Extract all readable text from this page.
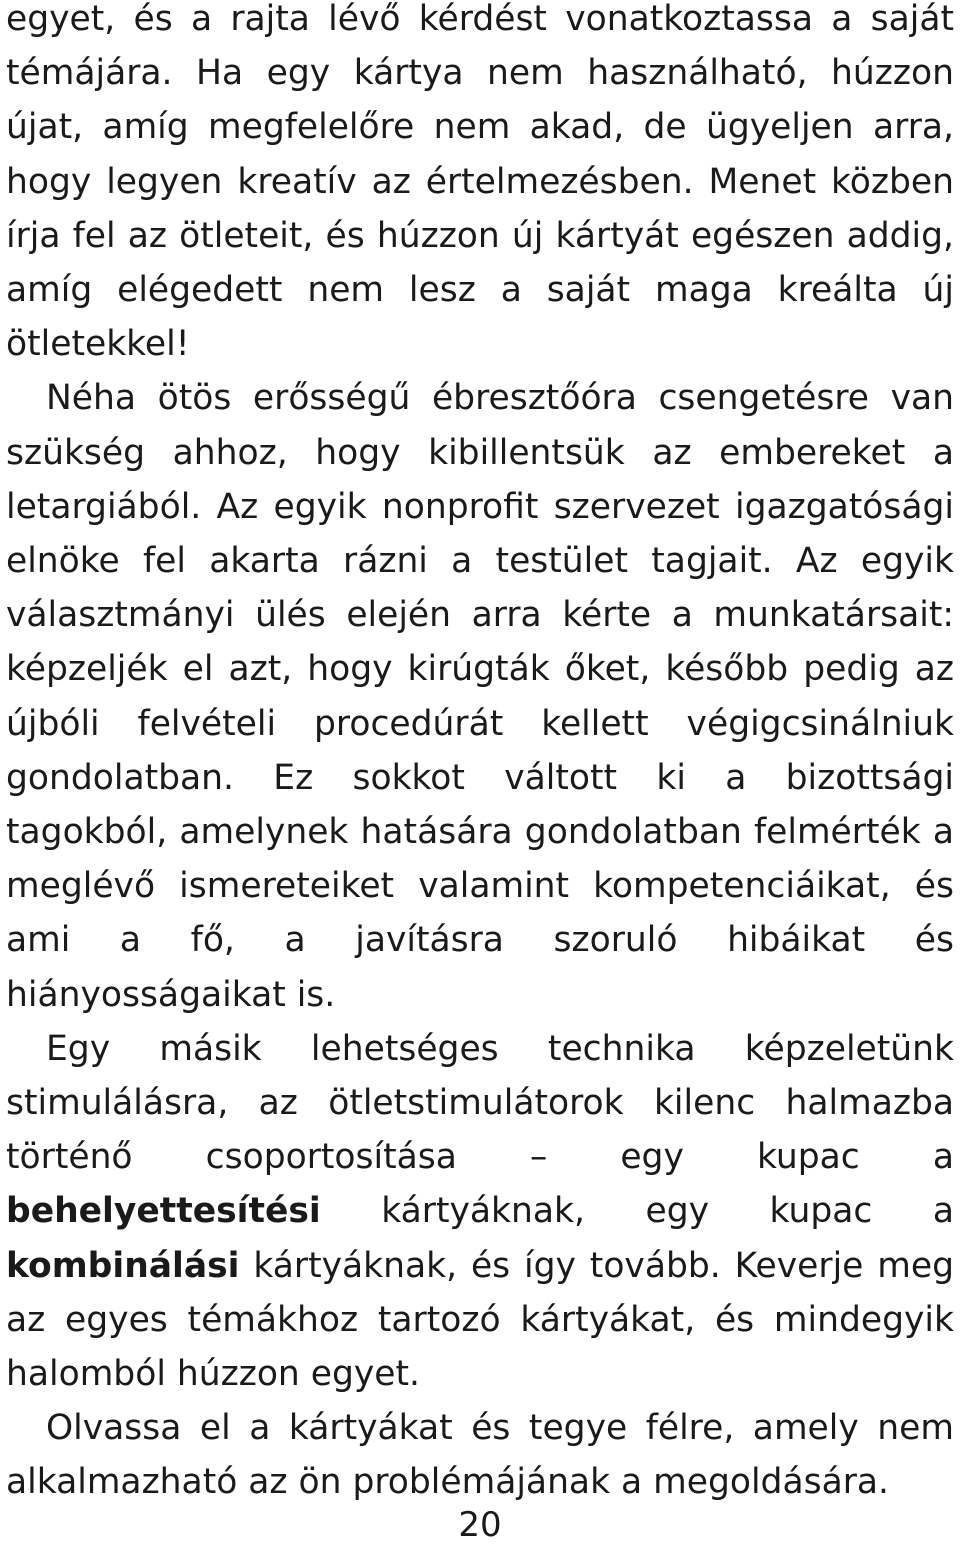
egyet, és a rajta lévő kérdést vonatkoztassa a saját témájára. Ha egy kártya nem használható, húzzon újat, amíg megfelelőre nem akad, de ügyeljen arra, hogy legyen kreatív az értelmezésben. Menet közben írja fel az ötleteit, és húzzon új kártyát egészen addig, amíg elégedett nem lesz a saját maga kreálta új ötletekkel!

Néha ötös erősségű ébresztőóra csengetésre van szükség ahhoz, hogy kibillentsük az embereket a letargiából. Az egyik nonprofit szervezet igazgatósági elnöke fel akarta rázni a testület tagjait. Az egyik választmányi ülés elején arra kérte a munkatársait: képzeljék el azt, hogy kirúgták őket, később pedig az újbóli felvételi procedúrát kellett végigcsinálniuk gondolatban. Ez sokkot váltott ki a bizottsági tagokból, amelynek hatására gondolatban felmérték a meglévő ismereteiket valamint kompetenciáikat, és ami a fő, a javításra szoruló hibáikat és hiányosságaikat is.

Egy másik lehetséges technika képzeletünk stimulálásra, az ötletstimulátorok kilenc halmazba történő csoportosítása – egy kupac a behelyettesítési kártyáknak, egy kupac a kombinálási kártyáknak, és így tovább. Keverje meg az egyes témákhoz tartozó kártyákat, és mindegyik halomból húzzon egyet.

Olvassa el a kártyákat és tegye félre, amely nem alkalmazható az ön problémájának a megoldására.

20
